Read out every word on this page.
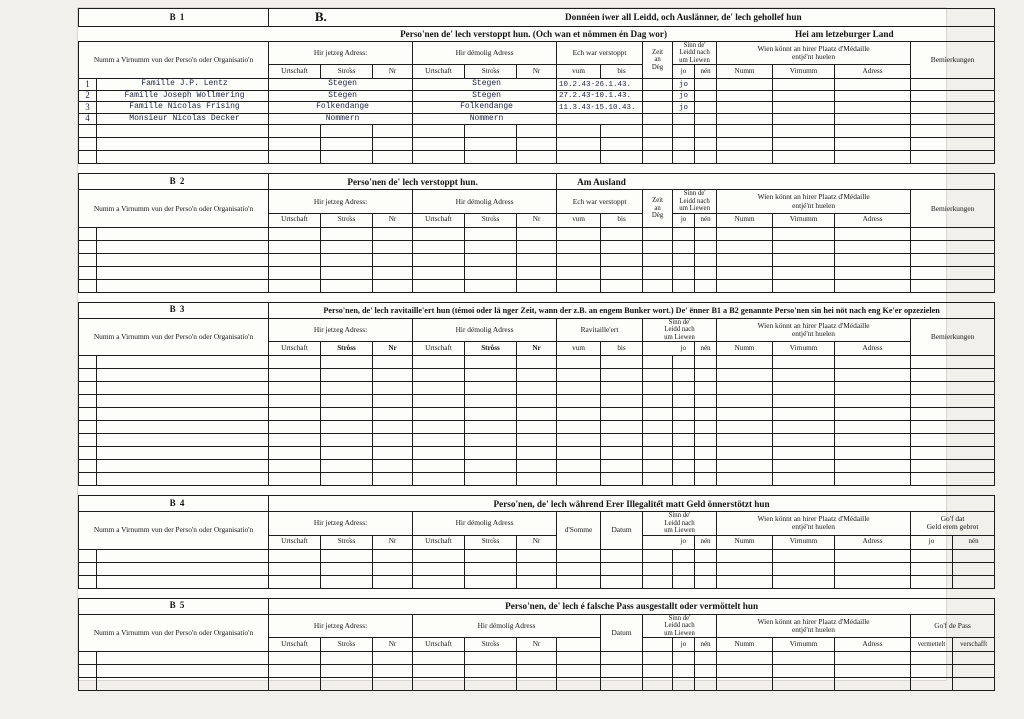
B 1		B.		Donnéen iwer all Leidd, och Auslänner, de' lech gehollef hun												
				Perso'nen de' lech verstoppt hun. (Och wan et nömmen én Dag wor)								Hei am letzeburger Land				
Numm a Virnumm vun der Perso'n oder Organisatio'n		Hir jetzeg Adress:			Hir démolig Adress			Ech war verstoppt		Zeit
an
Dèg	Sinn de'
Leidd nach
um Liewen		Wien könnt an hirer Plaatz d'Médaille
entjé'nt huelen			Bemierkungen
		Urtschaft	Stro̊ss	Nr	Urtschaft	Stro̊ss	Nr	vum	bis		jo	nén	Numm	Virnumm	Adress	
1	Famille J.P. Lentz	Stegen			Stegen			10.2.43-26.1.43.			jo					
2	Famille Joseph Wollmering	Stegen			Stegen			27.2.43-10.1.43.			jo					
3	Famille Nicolas Frising	Folkendange			Folkendange			11.3.43-15.10.43.			jo					
4	Monsieur Nicolas Decker	Nommern			Nommern											

B 2		Perso'nen de' lech verstoppt hun.						Am Ausland								
Numm a Virnumm vun der Perso'n oder Organisatio'n		Hir jetzeg Adress:			Hir démolig Adress			Ech war verstoppt		Zeit
an
Dèg	Sinn de'
Leidd nach
um Liewen		Wien könnt an hirer Plaatz d'Médaille
entjé'nt huelen			Bemierkungen
		Urtschaft	Stro̊ss	Nr	Urtschaft	Stro̊ss	Nr	vum	bis		jo	nén	Numm	Virnumm	Adress	

B 3		Perso'nen, de' lech ravitaille'ert hun (témoi oder lä nger Zeit, wann der z.B. an engem Bunker wort.) De' ënner B1 a B2 genannte Perso'nen sin hei nöt nach eng Ke'er opzezielen														
Numm a Virnumm vun der Perso'n oder Organisatio'n		Hir jetzeg Adress:			Hir démolig Adress			Ravitaille'ert		Sinn de'
Leidd nach
um Liewen			Wien könnt an hirer Plaatz d'Médaille
entjé'nt huelen			Bemierkungen
		Urtschaft	Stro̊ss	Nr	Urtschaft	Stro̊ss	Nr	vum	bis		jo	nén	Numm	Virnumm	Adress	

B 4		Perso'nen, de' lech während Erer Illegalité̈t matt Geld önnerstötzt hun															
Numm a Virnumm vun der Perso'n oder Organisatio'n		Hir jetzeg Adress:			Hir démolig Adress			d'Somme	Datum	Sinn de'
Leidd nach
um Liewen			Wien könnt an hirer Plaatz d'Médaille
entjé'nt huelen			Go'f dat
Geld erem gebrot	
		Urtschaft	Stro̊ss	Nr	Urtschaft	Stro̊ss	Nr				jo	nén	Numm	Virnumm	Adress	jo	nén

B 5		Perso'nen, de' lech é falsche Pass ausgestallt oder vermöttelt hun															
Numm a Virnumm vun der Perso'n oder Organisatio'n		Hir jetzeg Adress:			Hir démolig Adress				Datum	Sinn de'
Leidd nach
um Liewen			Wien könnt an hirer Plaatz d'Médaille
entjé'nt huelen			Go'f de Pass	
		Urtschaft	Stro̊ss	Nr	Urtschaft	Stro̊ss	Nr				jo	nén	Numm	Virnumm	Adress	vermettelt	verschafft
